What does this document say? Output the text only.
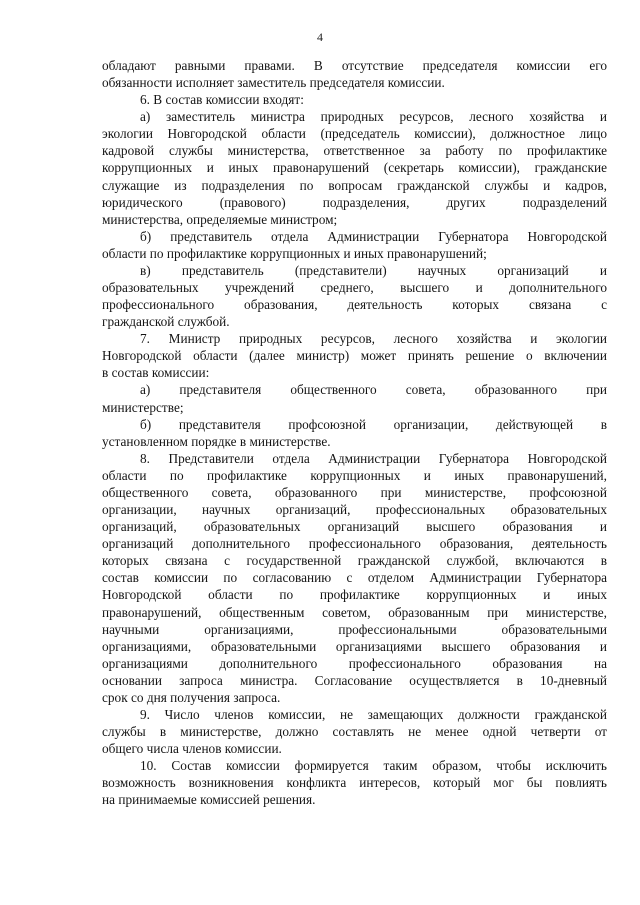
4
обладают равными правами. В отсутствие председателя комиссии его
обязанности исполняет заместитель председателя комиссии.
6. В состав комиссии входят:
а) заместитель министра природных ресурсов, лесного хозяйства и
экологии Новгородской области (председатель комиссии), должностное лицо
кадровой службы министерства, ответственное за работу по профилактике
коррупционных и иных правонарушений (секретарь комиссии), гражданские
служащие из подразделения по вопросам гражданской службы и кадров,
юридического (правового) подразделения, других подразделений
министерства, определяемые министром;
б) представитель отдела Администрации Губернатора Новгородской
области по профилактике коррупционных и иных правонарушений;
в) представитель (представители) научных организаций и
образовательных учреждений среднего, высшего и дополнительного
профессионального образования, деятельность которых связана с
гражданской службой.
7. Министр природных ресурсов, лесного хозяйства и экологии
Новгородской области (далее министр) может принять решение о включении
в состав комиссии:
а) представителя общественного совета, образованного при
министерстве;
б) представителя профсоюзной организации, действующей в
установленном порядке в министерстве.
8. Представители отдела Администрации Губернатора Новгородской
области по профилактике коррупционных и иных правонарушений,
общественного совета, образованного при министерстве, профсоюзной
организации, научных организаций, профессиональных образовательных
организаций, образовательных организаций высшего образования и
организаций дополнительного профессионального образования, деятельность
которых связана с государственной гражданской службой, включаются в
состав комиссии по согласованию с отделом Администрации Губернатора
Новгородской области по профилактике коррупционных и иных
правонарушений, общественным советом, образованным при министерстве,
научными организациями, профессиональными образовательными
организациями, образовательными организациями высшего образования и
организациями дополнительного профессионального образования на
основании запроса министра. Согласование осуществляется в 10-дневный
срок со дня получения запроса.
9. Число членов комиссии, не замещающих должности гражданской
службы в министерстве, должно составлять не менее одной четверти от
общего числа членов комиссии.
10. Состав комиссии формируется таким образом, чтобы исключить
возможность возникновения конфликта интересов, который мог бы повлиять
на принимаемые комиссией решения.
